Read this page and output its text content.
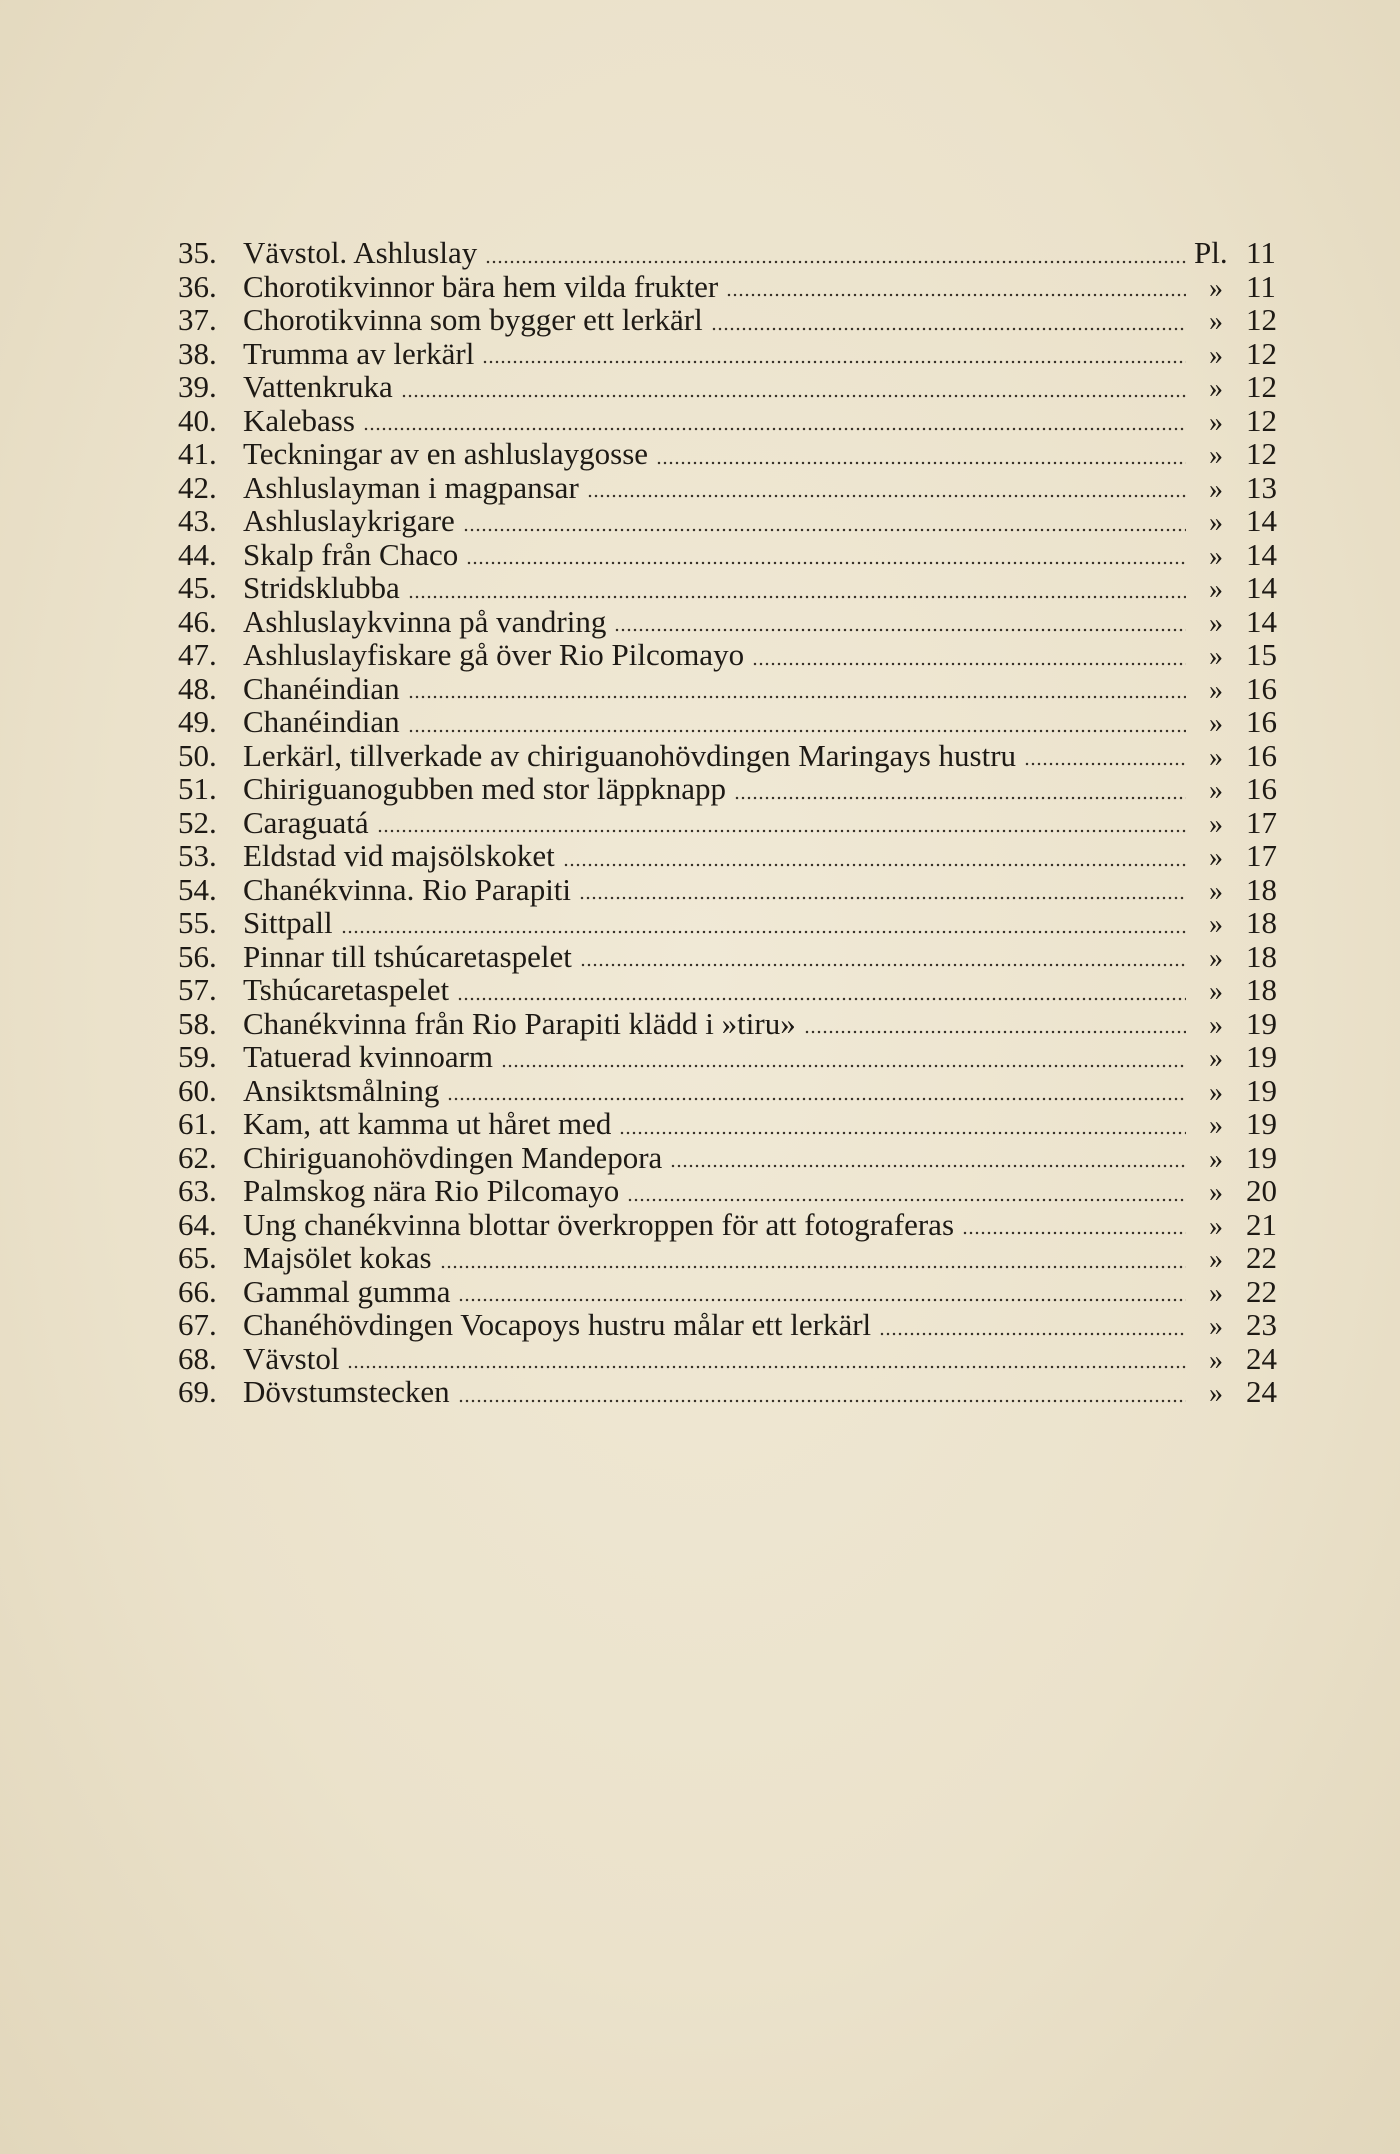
35. Vävstol. Ashluslay	Pl. 11
36. Chorotikvinnor bära hem vilda frukter	» 11
37. Chorotikvinna som bygger ett lerkärl	» 12
38. Trumma av lerkärl	» 12
39. Vattenkruka	» 12
40. Kalebass	» 12
41. Teckningar av en ashluslaygosse	» 12
42. Ashluslayman i magpansar	» 13
43. Ashluslaykrigare	» 14
44. Skalp från Chaco	» 14
45. Stridsklubba	» 14
46. Ashluslaykvinna på vandring	» 14
47. Ashluslayfiskare gå över Rio Pilcomayo	» 15
48. Chanéindian	» 16
49. Chanéindian	» 16
50. Lerkärl, tillverkade av chiriguanohövdingen Maringays hustru	» 16
51. Chiriguanogubben med stor läppknapp	» 16
52. Caraguatá	» 17
53. Eldstad vid majsölskoket	» 17
54. Chanékvinna. Rio Parapiti	» 18
55. Sittpall	» 18
56. Pinnar till tshúcaretaspelet	» 18
57. Tshúcaretaspelet	» 18
58. Chanékvinna från Rio Parapiti klädd i »tiru»	» 19
59. Tatuerad kvinnoarm	» 19
60. Ansiktsmålning	» 19
61. Kam, att kamma ut håret med	» 19
62. Chiriguanohövdingen Mandepora	» 19
63. Palmskog nära Rio Pilcomayo	» 20
64. Ung chanékvinna blottar överkroppen för att fotograferas	» 21
65. Majsölet kokas	» 22
66. Gammal gumma	» 22
67. Chanéhövdingen Vocapoys hustru målar ett lerkärl	» 23
68. Vävstol	» 24
69. Dövstumstecken	» 24
